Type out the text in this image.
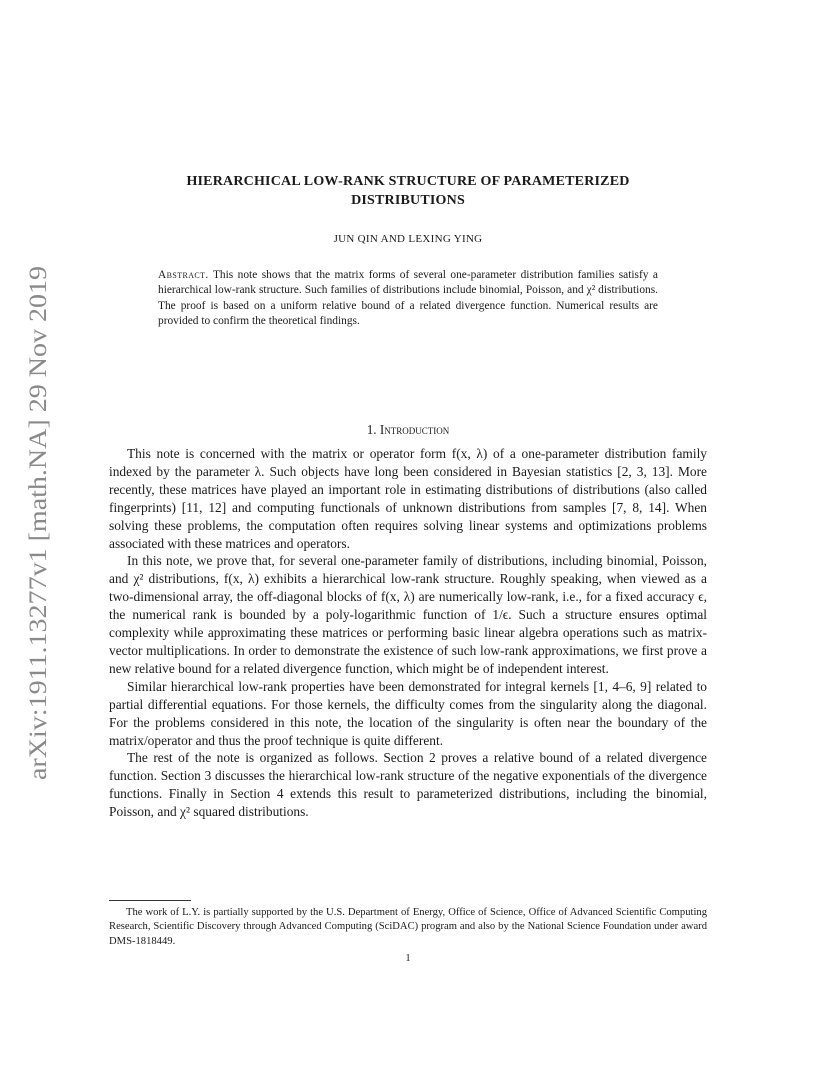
arXiv:1911.13277v1 [math.NA] 29 Nov 2019
HIERARCHICAL LOW-RANK STRUCTURE OF PARAMETERIZED
DISTRIBUTIONS
JUN QIN AND LEXING YING
Abstract. This note shows that the matrix forms of several one-parameter distribution families satisfy a hierarchical low-rank structure. Such families of distributions include binomial, Poisson, and χ² distributions. The proof is based on a uniform relative bound of a related divergence function. Numerical results are provided to confirm the theoretical findings.
1. Introduction

This note is concerned with the matrix or operator form f(x, λ) of a one-parameter distribution family indexed by the parameter λ. Such objects have long been considered in Bayesian statistics [2, 3, 13]. More recently, these matrices have played an important role in estimating distributions of distributions (also called fingerprints) [11, 12] and computing functionals of unknown distributions from samples [7, 8, 14]. When solving these problems, the computation often requires solving linear systems and optimizations problems associated with these matrices and operators.

In this note, we prove that, for several one-parameter family of distributions, including binomial, Poisson, and χ² distributions, f(x, λ) exhibits a hierarchical low-rank structure. Roughly speaking, when viewed as a two-dimensional array, the off-diagonal blocks of f(x, λ) are numerically low-rank, i.e., for a fixed accuracy ϵ, the numerical rank is bounded by a poly-logarithmic function of 1/ϵ. Such a structure ensures optimal complexity while approximating these matrices or performing basic linear algebra operations such as matrix-vector multiplications. In order to demonstrate the existence of such low-rank approximations, we first prove a new relative bound for a related divergence function, which might be of independent interest.

Similar hierarchical low-rank properties have been demonstrated for integral kernels [1, 4–6, 9] related to partial differential equations. For those kernels, the difficulty comes from the singularity along the diagonal. For the problems considered in this note, the location of the singularity is often near the boundary of the matrix/operator and thus the proof technique is quite different.

The rest of the note is organized as follows. Section 2 proves a relative bound of a related divergence function. Section 3 discusses the hierarchical low-rank structure of the negative exponentials of the divergence functions. Finally in Section 4 extends this result to parameterized distributions, including the binomial, Poisson, and χ² squared distributions.

The work of L.Y. is partially supported by the U.S. Department of Energy, Office of Science, Office of Advanced Scientific Computing Research, Scientific Discovery through Advanced Computing (SciDAC) program and also by the National Science Foundation under award DMS-1818449.

1
